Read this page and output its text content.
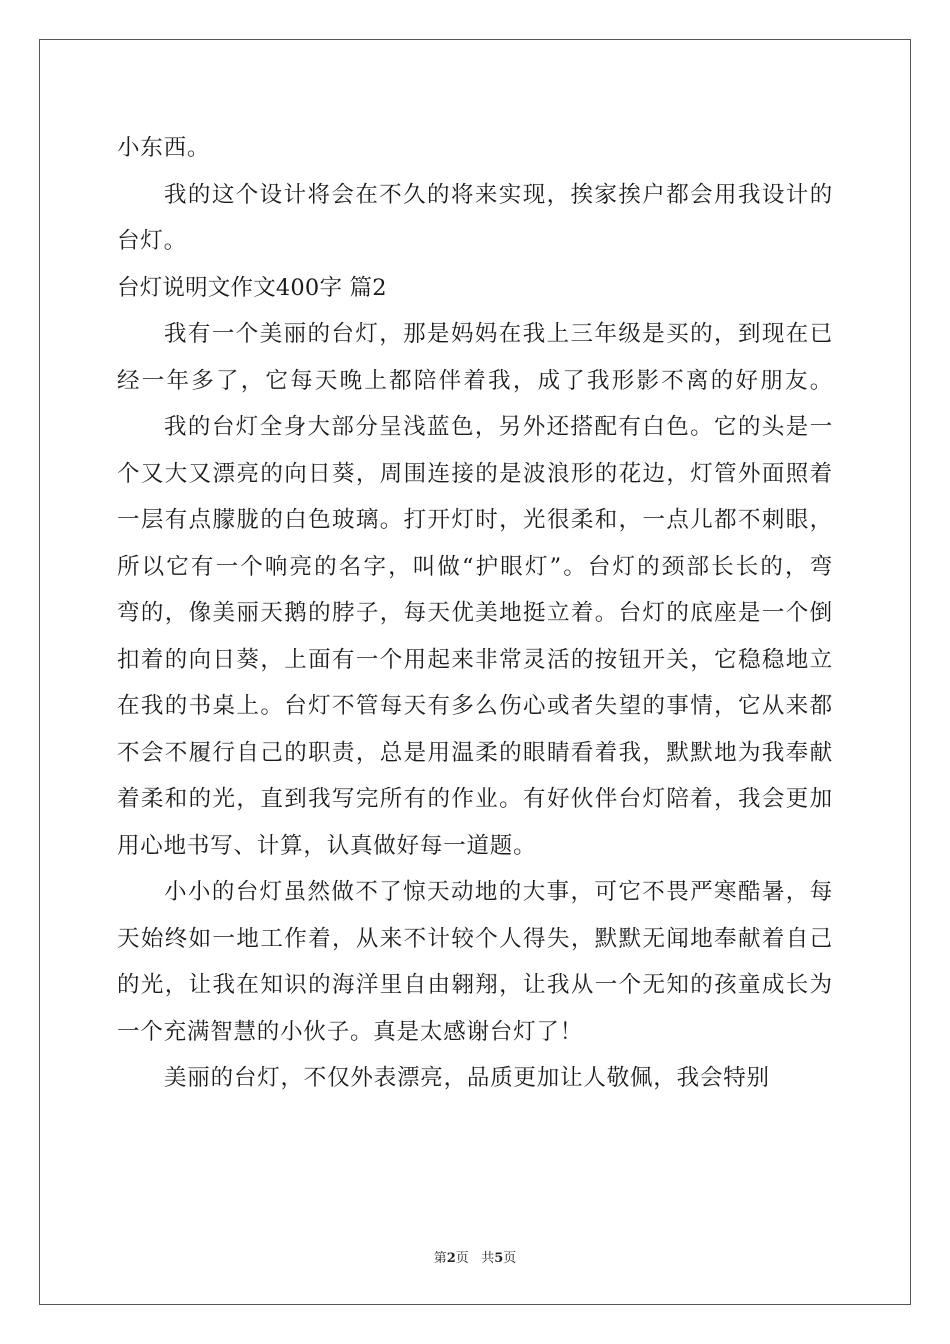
小东西。
我的这个设计将会在不久的将来实现，挨家挨户都会用我设计的
台灯。
台灯说明文作文400字 篇2
我有一个美丽的台灯，那是妈妈在我上三年级是买的，到现在已
经一年多了，它每天晚上都陪伴着我，成了我形影不离的好朋友。
我的台灯全身大部分呈浅蓝色，另外还搭配有白色。它的头是一
个又大又漂亮的向日葵，周围连接的是波浪形的花边，灯管外面照着
一层有点朦胧的白色玻璃。打开灯时，光很柔和，一点儿都不刺眼，
所以它有一个响亮的名字，叫做“护眼灯”。台灯的颈部长长的，弯
弯的，像美丽天鹅的脖子，每天优美地挺立着。台灯的底座是一个倒
扣着的向日葵，上面有一个用起来非常灵活的按钮开关，它稳稳地立
在我的书桌上。台灯不管每天有多么伤心或者失望的事情，它从来都
不会不履行自己的职责，总是用温柔的眼睛看着我，默默地为我奉献
着柔和的光，直到我写完所有的作业。有好伙伴台灯陪着，我会更加
用心地书写、计算，认真做好每一道题。
小小的台灯虽然做不了惊天动地的大事，可它不畏严寒酷暑，每
天始终如一地工作着，从来不计较个人得失，默默无闻地奉献着自己
的光，让我在知识的海洋里自由翱翔，让我从一个无知的孩童成长为
一个充满智慧的小伙子。真是太感谢台灯了！
美丽的台灯，不仅外表漂亮，品质更加让人敬佩，我会特别
第2页 共5页
